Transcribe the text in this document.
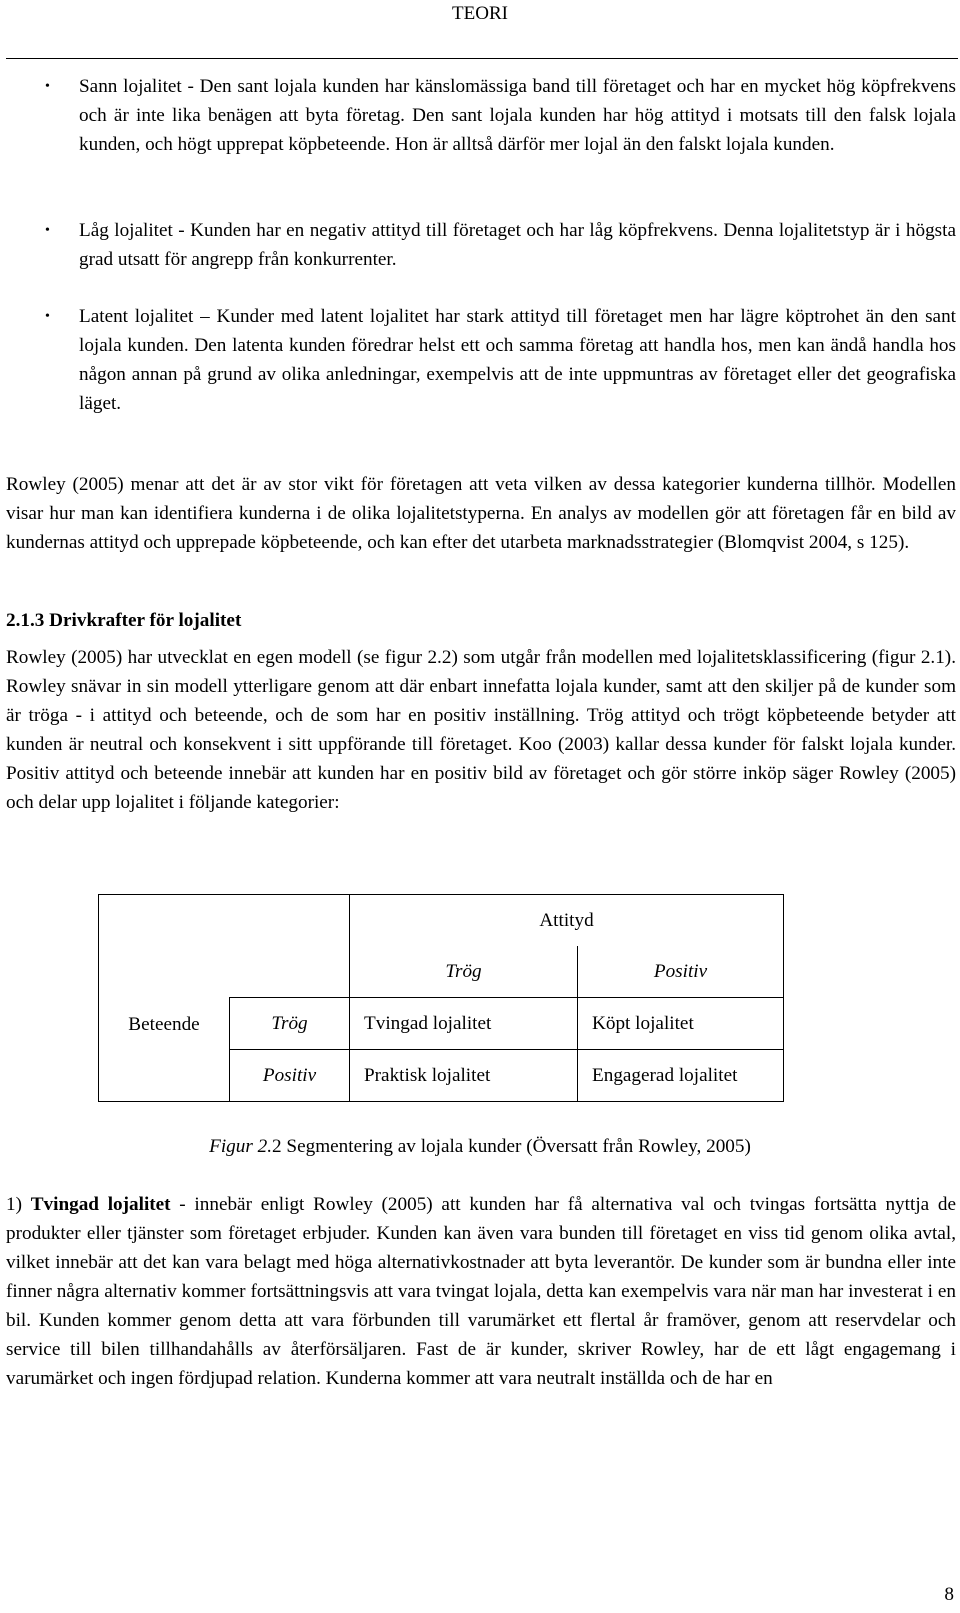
TEORI
• Sann lojalitet - Den sant lojala kunden har känslomässiga band till företaget och har en mycket hög köpfrekvens och är inte lika benägen att byta företag. Den sant lojala kunden har hög attityd i motsats till den falsk lojala kunden, och högt upprepat köpbeteende. Hon är alltså därför mer lojal än den falskt lojala kunden.
• Låg lojalitet - Kunden har en negativ attityd till företaget och har låg köpfrekvens. Denna lojalitetstyp är i högsta grad utsatt för angrepp från konkurrenter.
• Latent lojalitet – Kunder med latent lojalitet har stark attityd till företaget men har lägre köptrohet än den sant lojala kunden. Den latenta kunden föredrar helst ett och samma företag att handla hos, men kan ändå handla hos någon annan på grund av olika anledningar, exempelvis att de inte uppmuntras av företaget eller det geografiska läget.
Rowley (2005) menar att det är av stor vikt för företagen att veta vilken av dessa kategorier kunderna tillhör. Modellen visar hur man kan identifiera kunderna i de olika lojalitetstyperna. En analys av modellen gör att företagen får en bild av kundernas attityd och upprepade köpbeteende, och kan efter det utarbeta marknadsstrategier (Blomqvist 2004, s 125).
2.1.3 Drivkrafter för lojalitet
Rowley (2005) har utvecklat en egen modell (se figur 2.2) som utgår från modellen med lojalitetsklassificering (figur 2.1). Rowley snävar in sin modell ytterligare genom att där enbart innefatta lojala kunder, samt att den skiljer på de kunder som är tröga - i attityd och beteende, och de som har en positiv inställning. Trög attityd och trögt köpbeteende betyder att kunden är neutral och konsekvent i sitt uppförande till företaget. Koo (2003) kallar dessa kunder för falskt lojala kunder. Positiv attityd och beteende innebär att kunden har en positiv bild av företaget och gör större inköp säger Rowley (2005) och delar upp lojalitet i följande kategorier:
		Attityd	
		Trög	Positiv
Beteende	Trög	Tvingad lojalitet	Köpt lojalitet
	Positiv	Praktisk lojalitet	Engagerad lojalitet
Figur 2.2 Segmentering av lojala kunder (Översatt från Rowley, 2005)
1) Tvingad lojalitet - innebär enligt Rowley (2005) att kunden har få alternativa val och tvingas fortsätta nyttja de produkter eller tjänster som företaget erbjuder. Kunden kan även vara bunden till företaget en viss tid genom olika avtal, vilket innebär att det kan vara belagt med höga alternativkostnader att byta leverantör. De kunder som är bundna eller inte finner några alternativ kommer fortsättningsvis att vara tvingat lojala, detta kan exempelvis vara när man har investerat i en bil. Kunden kommer genom detta att vara förbunden till varumärket ett flertal år framöver, genom att reservdelar och service till bilen tillhandahålls av återförsäljaren. Fast de är kunder, skriver Rowley, har de ett lågt engagemang i varumärket och ingen fördjupad relation. Kunderna kommer att vara neutralt inställda och de har en
8
